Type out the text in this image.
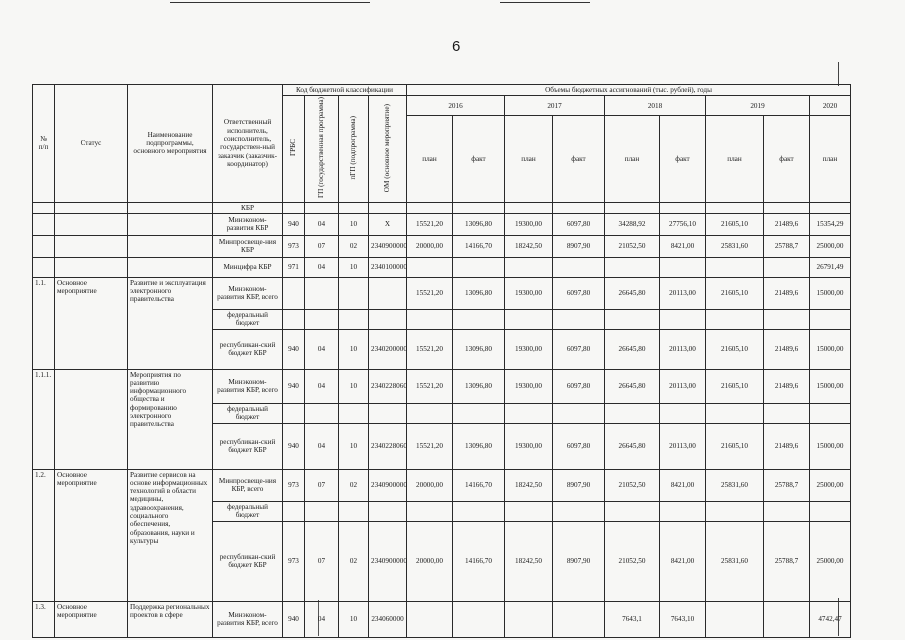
6
№
п/п	Статус	Наименование подпрограммы, основного мероприятия	Ответственный исполнитель, соисполнитель, государствен-ный заказчик (заказчик-координатор)	Код бюджетной классификации				Объемы бюджетных ассигнований (тыс. рублей), годы								
				ГРБС	ГП (государственная программа)	пГП (подпрограмма)	ОМ (основное мероприятие)	2016		2017		2018		2019		2020
								план	факт	план	факт	план	факт	план	факт	план
			КБР													
			Минэконом-развития КБР	940	04	10	X	15521,20	13096,80	19300,00	6097,80	34288,92	27756,10	21605,10	21489,6	15354,29
			Минпросвеще-ния КБР	973	07	02	2340900000	20000,00	14166,70	18242,50	8907,90	21052,50	8421,00	25831,60	25788,7	25000,00
			Минцифра КБР	971	04	10	2340100000									26791,49
1.1.	Основное мероприятие	Развитие и эксплуатация электронного правительства	Минэконом-развития КБР, всего					15521,20	13096,80	19300,00	6097,80	26645,80	20113,00	21605,10	21489,6	15000,00
			федеральный бюджет													
			республикан-ский бюджет КБР	940	04	10	2340200000	15521,20	13096,80	19300,00	6097,80	26645,80	20113,00	21605,10	21489,6	15000,00
1.1.1.		Мероприятия по развитию информационного общества и формированию электронного правительства	Минэконом-развития КБР, всего	940	04	10	2340228060	15521,20	13096,80	19300,00	6097,80	26645,80	20113,00	21605,10	21489,6	15000,00
			федеральный бюджет													
			республикан-ский бюджет КБР	940	04	10	2340228060	15521,20	13096,80	19300,00	6097,80	26645,80	20113,00	21605,10	21489,6	15000,00
1.2.	Основное мероприятие	Развитие сервисов на основе информационных технологий в области медицины, здравоохранения, социального обеспечения, образования, науки и культуры	Минпросвеще-ния КБР, всего	973	07	02	2340900000	20000,00	14166,70	18242,50	8907,90	21052,50	8421,00	25831,60	25788,7	25000,00
			федеральный бюджет													
			республикан-ский бюджет КБР	973	07	02	2340900000	20000,00	14166,70	18242,50	8907,90	21052,50	8421,00	25831,60	25788,7	25000,00
1.3.	Основное мероприятие	Поддержка региональных проектов в сфере	Минэконом-развития КБР, всего	940	04	10	234060000					7643,1	7643,10			4742,47
